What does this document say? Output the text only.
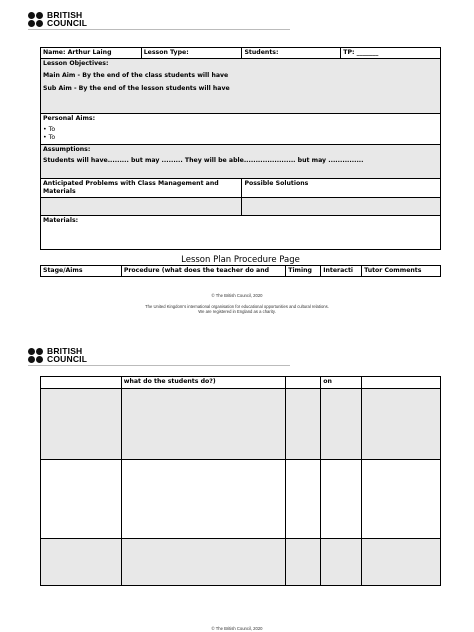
BRITISH
COUNCIL
Name: Arthur Laing	Lesson Type:	Students:	TP: _______

Lesson Objectives:
Main Aim - By the end of the class students will have
Sub Aim - By the end of the lesson students will have			

Personal Aims:
• To
• To			

Assumptions:
Students will have......... but may ......... They will be able...................... but may ...............			

Anticipated Problems with Class Management and Materials		Possible Solutions	

Materials:			
Lesson Plan Procedure Page
Stage/Aims	Procedure (what does the teacher do and	Timing	Interacti	Tutor Comments
© The British Council, 2020
The United Kingdom's international organisation for educational opportunities and cultural relations.
We are registered in England as a charity.
BRITISH
COUNCIL
	what do the students do?)		on	

© The British Council, 2020
